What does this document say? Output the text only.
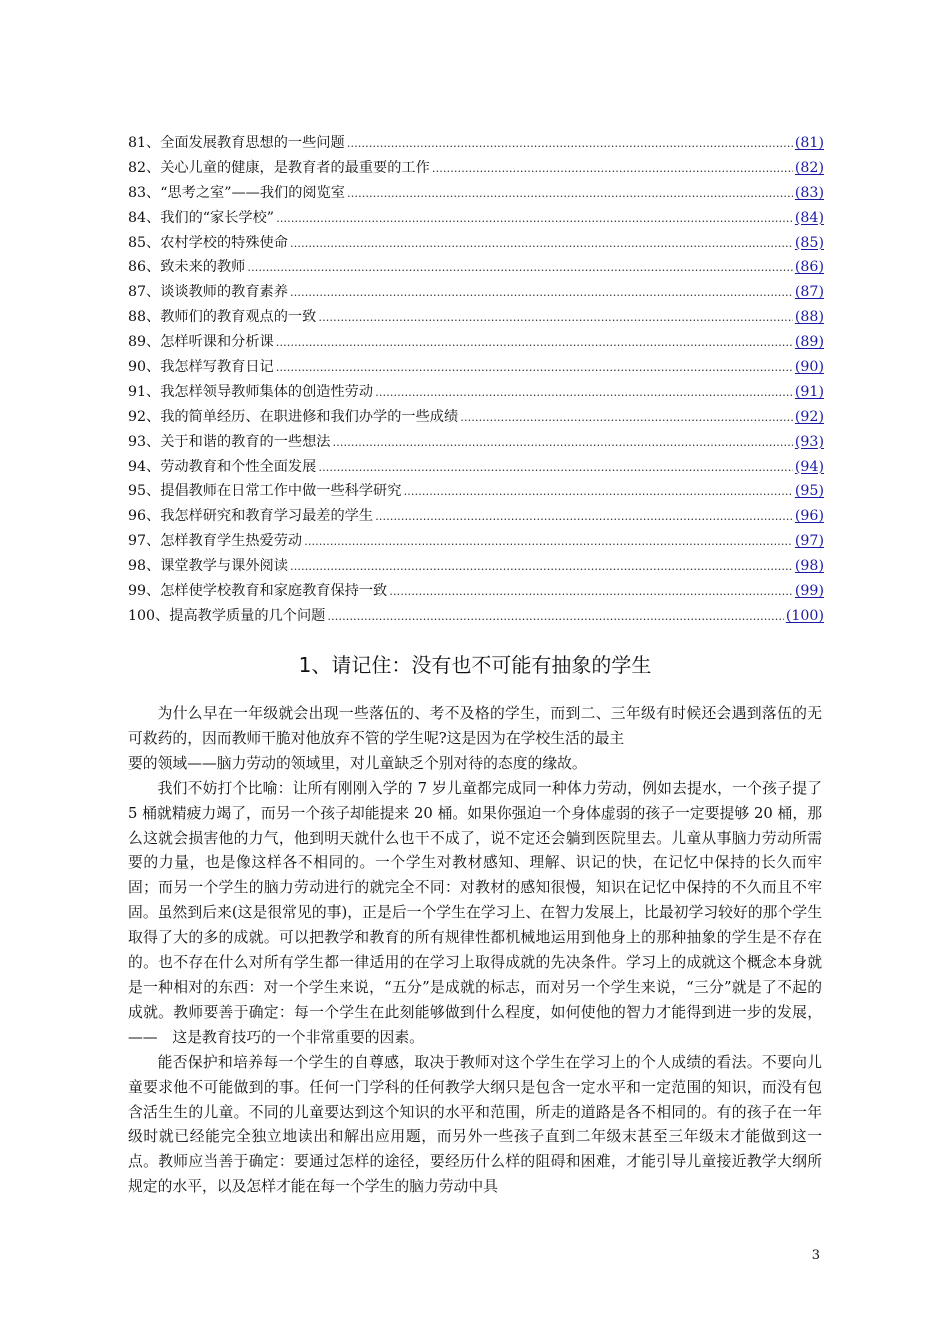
81、全面发展教育思想的一些问题 …………………………………………………………………………………………………………………………………………………………………………	(81)
82、关心儿童的健康，是教育者的最重要的工作 …………………………………………………………………………………………………………………………………………………………………………	(82)
83、“思考之室”——我们的阅览室 …………………………………………………………………………………………………………………………………………………………………………	(83)
84、我们的“家长学校” …………………………………………………………………………………………………………………………………………………………………………	(84)
85、农村学校的特殊使命 …………………………………………………………………………………………………………………………………………………………………………	(85)
86、致未来的教师 …………………………………………………………………………………………………………………………………………………………………………	(86)
87、谈谈教师的教育素养 …………………………………………………………………………………………………………………………………………………………………………	(87)
88、教师们的教育观点的一致 …………………………………………………………………………………………………………………………………………………………………………	(88)
89、怎样听课和分析课 …………………………………………………………………………………………………………………………………………………………………………	(89)
90、我怎样写教育日记 …………………………………………………………………………………………………………………………………………………………………………	(90)
91、我怎样领导教师集体的创造性劳动 …………………………………………………………………………………………………………………………………………………………………………	(91)
92、我的简单经历、在职进修和我们办学的一些成绩 …………………………………………………………………………………………………………………………………………………………………………	(92)
93、关于和谐的教育的一些想法 …………………………………………………………………………………………………………………………………………………………………………	(93)
94、劳动教育和个性全面发展 …………………………………………………………………………………………………………………………………………………………………………	(94)
95、提倡教师在日常工作中做一些科学研究 …………………………………………………………………………………………………………………………………………………………………………	(95)
96、我怎样研究和教育学习最差的学生 …………………………………………………………………………………………………………………………………………………………………………	(96)
97、怎样教育学生热爱劳动 …………………………………………………………………………………………………………………………………………………………………………	(97)
98、课堂教学与课外阅读 …………………………………………………………………………………………………………………………………………………………………………	(98)
99、怎样使学校教育和家庭教育保持一致 …………………………………………………………………………………………………………………………………………………………………………	(99)
100、提高教学质量的几个问题 …………………………………………………………………………………………………………………………………………………………………………	(100)
1、请记住：没有也不可能有抽象的学生

为什么早在一年级就会出现一些落伍的、考不及格的学生，而到二、三年级有时候还会遇到落伍的无可救药的，因而教师干脆对他放弃不管的学生呢?这是因为在学校生活的最主

要的领域——脑力劳动的领域里，对儿童缺乏个别对待的态度的缘故。

我们不妨打个比喻：让所有刚刚入学的 7 岁儿童都完成同一种体力劳动，例如去提水，一个孩子提了 5 桶就精疲力竭了，而另一个孩子却能提来 20 桶。如果你强迫一个身体虚弱的孩子一定要提够 20 桶，那么这就会损害他的力气，他到明天就什么也干不成了，说不定还会躺到医院里去。儿童从事脑力劳动所需要的力量，也是像这样各不相同的。一个学生对教材感知、理解、识记的快，在记忆中保持的长久而牢固；而另一个学生的脑力劳动进行的就完全不同：对教材的感知很慢，知识在记忆中保持的不久而且不牢固。虽然到后来(这是很常见的事)，正是后一个学生在学习上、在智力发展上，比最初学习较好的那个学生取得了大的多的成就。可以把教学和教育的所有规律性都机械地运用到他身上的那种抽象的学生是不存在的。也不存在什么对所有学生都一律适用的在学习上取得成就的先决条件。学习上的成就这个概念本身就是一种相对的东西：对一个学生来说，“五分”是成就的标志，而对另一个学生来说，“三分”就是了不起的成就。教师要善于确定：每一个学生在此刻能够做到什么程度，如何使他的智力才能得到进一步的发展，——　这是教育技巧的一个非常重要的因素。

能否保护和培养每一个学生的自尊感，取决于教师对这个学生在学习上的个人成绩的看法。不要向儿童要求他不可能做到的事。任何一门学科的任何教学大纲只是包含一定水平和一定范围的知识，而没有包含活生生的儿童。不同的儿童要达到这个知识的水平和范围，所走的道路是各不相同的。有的孩子在一年级时就已经能完全独立地读出和解出应用题，而另外一些孩子直到二年级末甚至三年级末才能做到这一点。教师应当善于确定：要通过怎样的途径，要经历什么样的阻碍和困难，才能引导儿童接近教学大纲所规定的水平，以及怎样才能在每一个学生的脑力劳动中具

3
